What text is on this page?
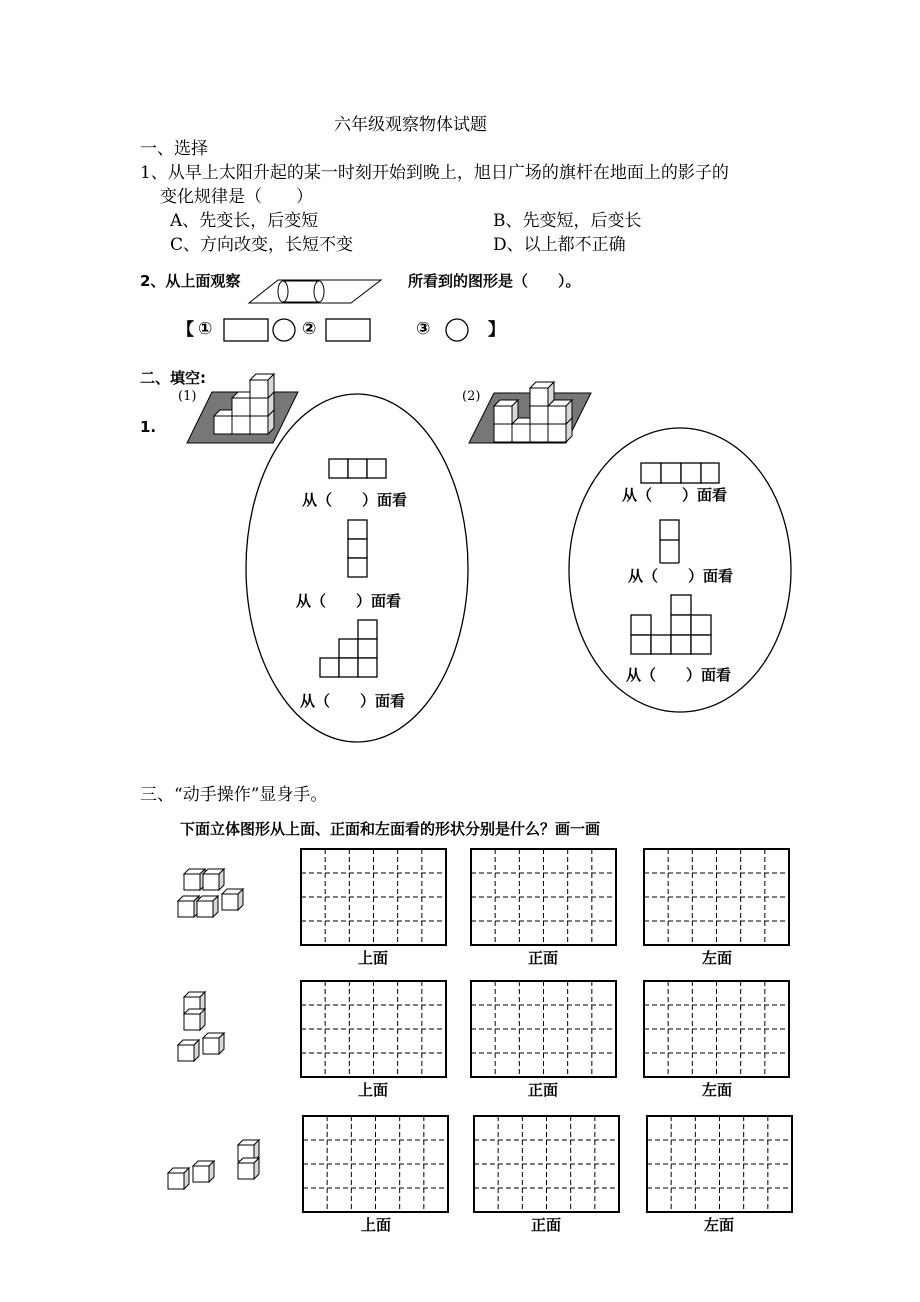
六年级观察物体试题
一、选择
1、从早上太阳升起的某一时刻开始到晚上，旭日广场的旗杆在地面上的影子的
变化规律是（　　）
A、先变长，后变短	B、先变短，后变长
C、方向改变，长短不变	D、以上都不正确
2、从上面观察	所看到的图形是（　　）。
【 ①	②	③	】
二、填空:
1.
(1)	(2)
从（　　）面看
从（　　）面看
从（　　）面看
从（　　）面看
从（　　）面看
从（　　）面看
三、“动手操作”显身手。
下面立体图形从上面、正面和左面看的形状分别是什么？画一画
上面	正面	左面
上面	正面	左面
上面	正面	左面
